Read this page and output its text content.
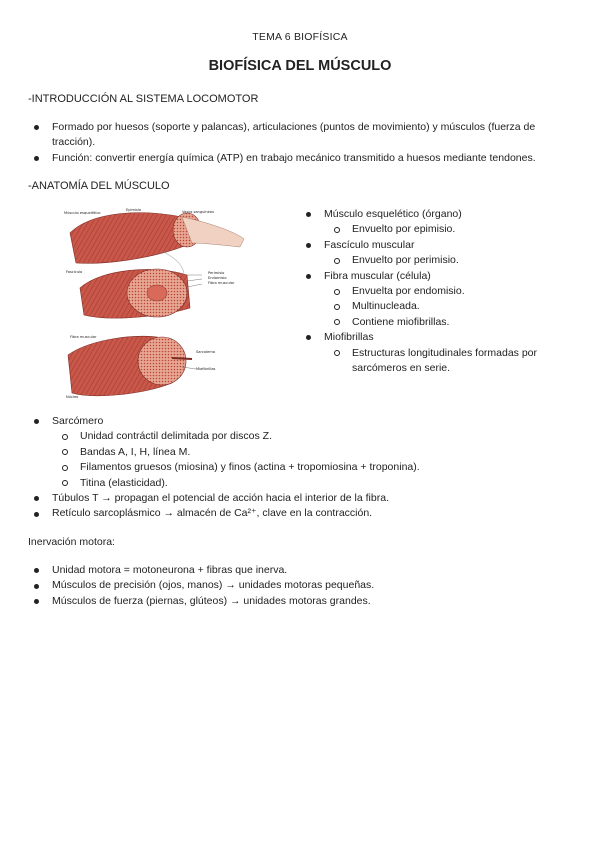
TEMA 6 BIOFÍSICA
BIOFÍSICA DEL MÚSCULO

-INTRODUCCIÓN AL SISTEMA LOCOMOTOR

Formado por huesos (soporte y palancas), articulaciones (puntos de movimiento) y músculos (fuerza de tracción).
Función: convertir energía química (ATP) en trabajo mecánico transmitido a huesos mediante tendones.

-ANATOMÍA DEL MÚSCULO

Músculo esquelético
Epimisio	Vasos sanguíneos
Perimisio
Endomisio
Fibra muscular
Fascículo
Fibra muscular
Sarcolema
Miofibrillas
Núcleo
Músculo esquelético (órgano)
Envuelto por epimisio.
Fascículo muscular
Envuelto por perimisio.
Fibra muscular (célula)
Envuelta por endomisio.
Multinucleada.
Contiene miofibrillas.
Miofibrillas
Estructuras longitudinales formadas por sarcómeros en serie.
Sarcómero
Unidad contráctil delimitada por discos Z.
Bandas A, I, H, línea M.
Filamentos gruesos (miosina) y finos (actina + tropomiosina + troponina).
Titina (elasticidad).
Túbulos T → propagan el potencial de acción hacia el interior de la fibra.
Retículo sarcoplásmico → almacén de Ca²⁺, clave en la contracción.

Inervación motora:

Unidad motora = motoneurona + fibras que inerva.
Músculos de precisión (ojos, manos) → unidades motoras pequeñas.
Músculos de fuerza (piernas, glúteos) → unidades motoras grandes.
